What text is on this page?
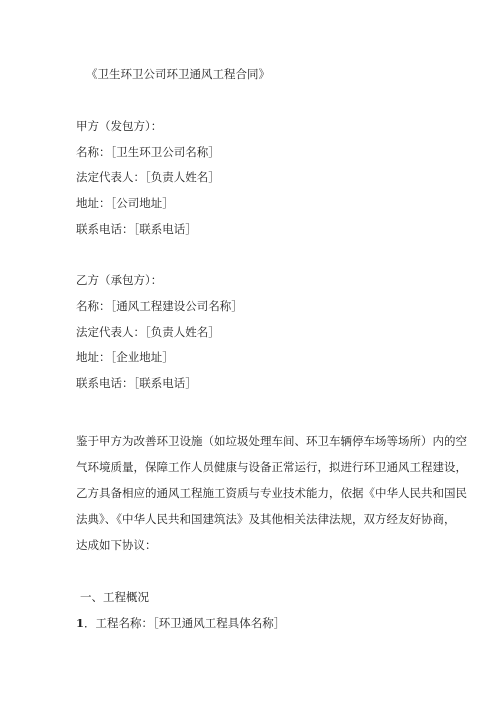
《卫生环卫公司环卫通风工程合同》

甲方（发包方）：

名称：［卫生环卫公司名称］

法定代表人：［负责人姓名］

地址：［公司地址］

联系电话：［联系电话］

乙方（承包方）：

名称：［通风工程建设公司名称］

法定代表人：［负责人姓名］

地址：［企业地址］

联系电话：［联系电话］

鉴于甲方为改善环卫设施（如垃圾处理车间、环卫车辆停车场等场所）内的空

气环境质量，保障工作人员健康与设备正常运行，拟进行环卫通风工程建设，

乙方具备相应的通风工程施工资质与专业技术能力，依据《中华人民共和国民

法典》、《中华人民共和国建筑法》及其他相关法律法规，双方经友好协商，

达成如下协议：

一、工程概况

1．工程名称：［环卫通风工程具体名称］
